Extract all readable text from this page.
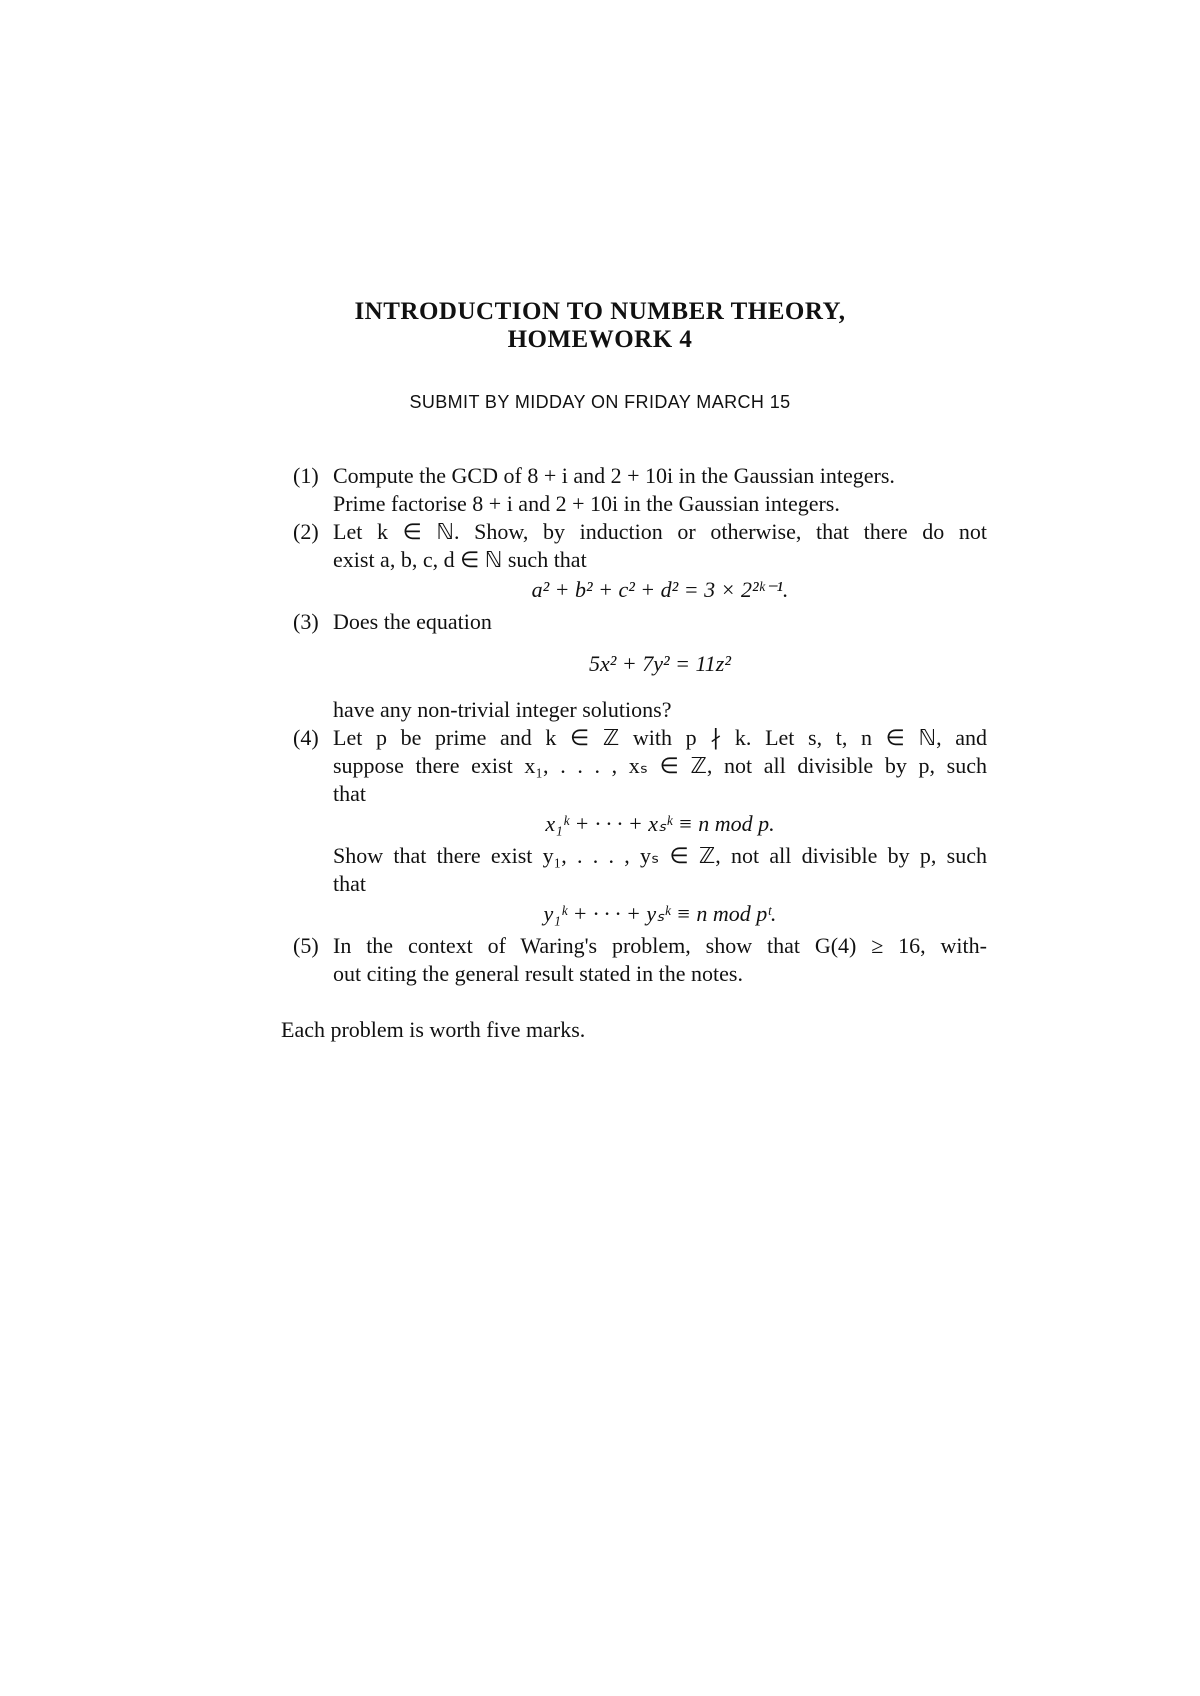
INTRODUCTION TO NUMBER THEORY,
HOMEWORK 4
SUBMIT BY MIDDAY ON FRIDAY MARCH 15
(1) Compute the GCD of 8 + i and 2 + 10i in the Gaussian integers.
Prime factorise 8 + i and 2 + 10i in the Gaussian integers.
(2) Let k ∈ ℕ. Show, by induction or otherwise, that there do not
exist a, b, c, d ∈ ℕ such that
a² + b² + c² + d² = 3 × 2²ᵏ⁻¹.
(3) Does the equation
5x² + 7y² = 11z²
have any non-trivial integer solutions?
(4) Let p be prime and k ∈ ℤ with p ∤ k. Let s, t, n ∈ ℕ, and
suppose there exist x₁, . . . , xₛ ∈ ℤ, not all divisible by p, such
that
x₁ᵏ + · · · + xₛᵏ ≡ n mod p.
Show that there exist y₁, . . . , yₛ ∈ ℤ, not all divisible by p, such
that
y₁ᵏ + · · · + yₛᵏ ≡ n mod pᵗ.
(5) In the context of Waring's problem, show that G(4) ≥ 16, with-
out citing the general result stated in the notes.
Each problem is worth five marks.
